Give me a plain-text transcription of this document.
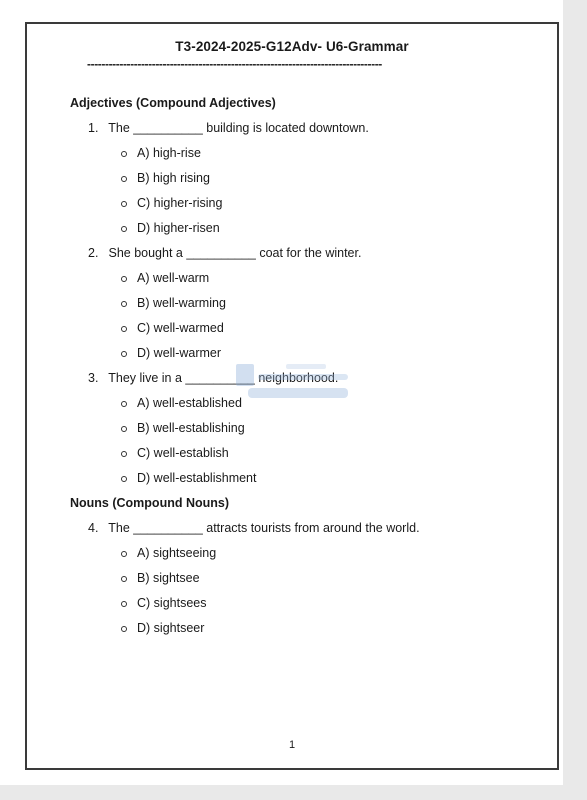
T3-2024-2025-G12Adv- U6-Grammar
----------------------------------------------------------------------------------
Adjectives (Compound Adjectives)
1. The __________ building is located downtown.
A) high-rise
B) high rising
C) higher-rising
D) higher-risen
2. She bought a __________ coat for the winter.
A) well-warm
B) well-warming
C) well-warmed
D) well-warmer
3. They live in a __________ neighborhood.
A) well-established
B) well-establishing
C) well-establish
D) well-establishment
Nouns (Compound Nouns)
4. The __________ attracts tourists from around the world.
A) sightseeing
B) sightsee
C) sightsees
D) sightseer
1
